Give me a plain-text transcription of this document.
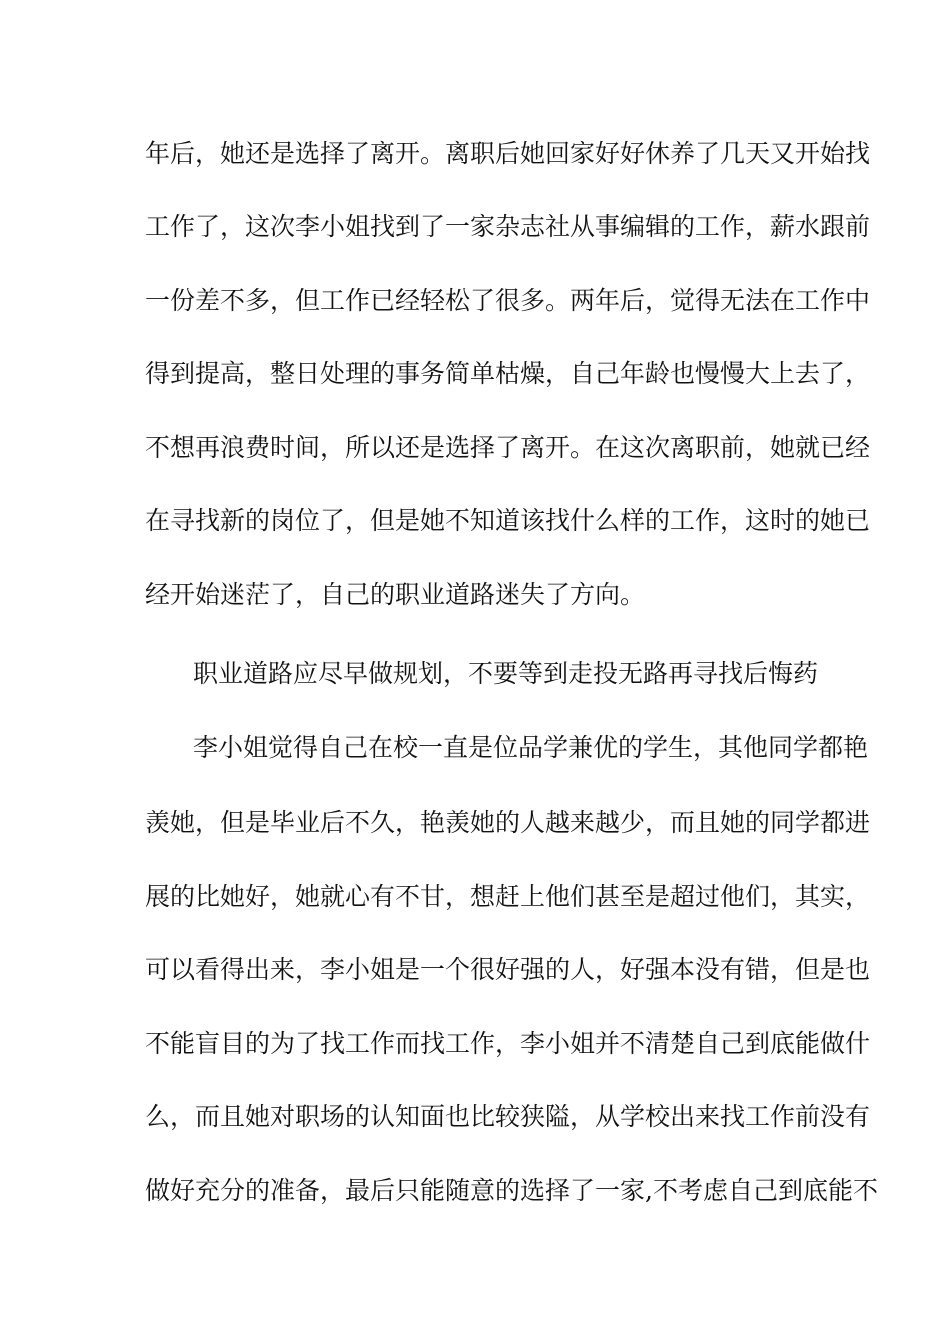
年后，她还是选择了离开。离职后她回家好好休养了几天又开始找
工作了，这次李小姐找到了一家杂志社从事编辑的工作，薪水跟前
一份差不多，但工作已经轻松了很多。两年后，觉得无法在工作中
得到提高，整日处理的事务简单枯燥，自己年龄也慢慢大上去了，
不想再浪费时间，所以还是选择了离开。在这次离职前，她就已经
在寻找新的岗位了，但是她不知道该找什么样的工作，这时的她已
经开始迷茫了，自己的职业道路迷失了方向。
职业道路应尽早做规划，不要等到走投无路再寻找后悔药
李小姐觉得自己在校一直是位品学兼优的学生，其他同学都艳
羡她，但是毕业后不久，艳羡她的人越来越少，而且她的同学都进
展的比她好，她就心有不甘，想赶上他们甚至是超过他们，其实，
可以看得出来，李小姐是一个很好强的人，好强本没有错，但是也
不能盲目的为了找工作而找工作，李小姐并不清楚自己到底能做什
么，而且她对职场的认知面也比较狭隘，从学校出来找工作前没有
做好充分的准备，最后只能随意的选择了一家,不考虑自己到底能不
